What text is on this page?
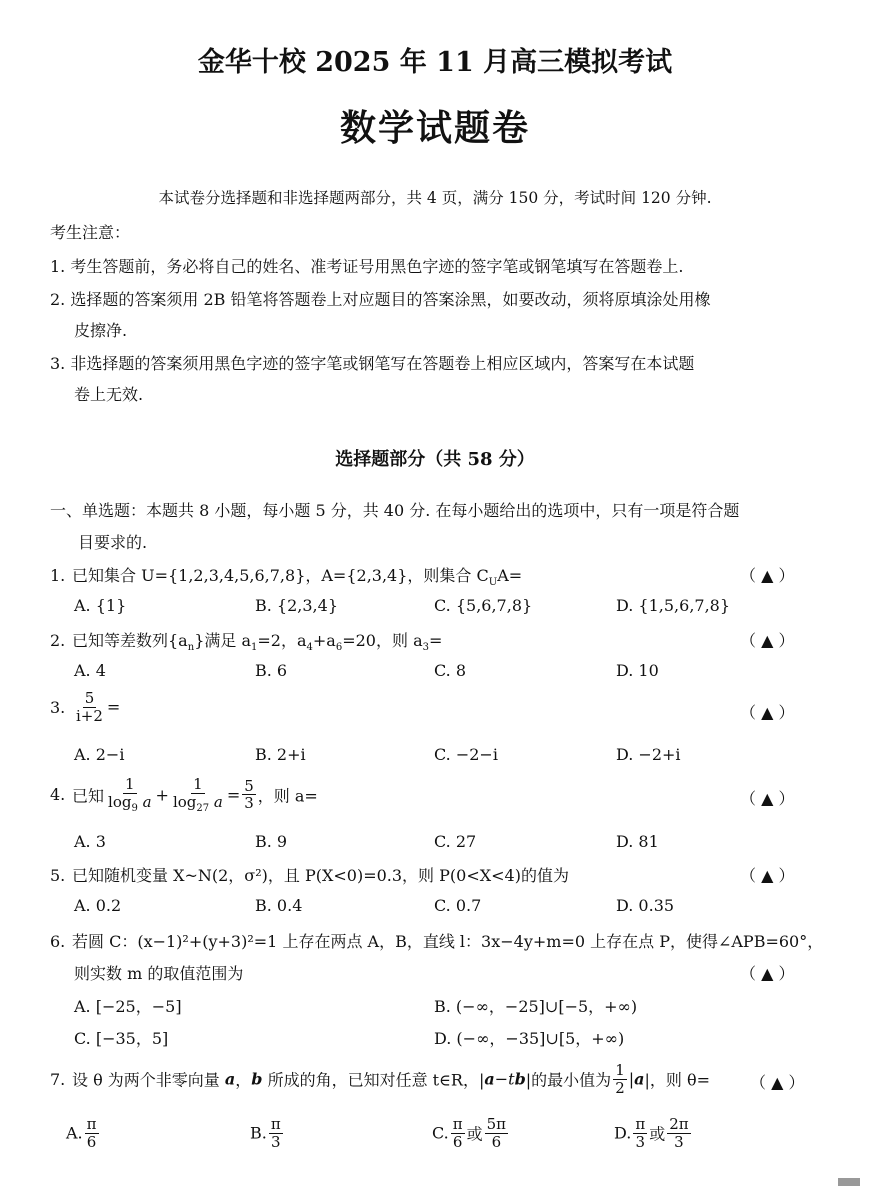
金华十校 2025 年 11 月高三模拟考试
数学试题卷
本试卷分选择题和非选择题两部分，共 4 页，满分 150 分，考试时间 120 分钟.
考生注意：
1. 考生答题前，务必将自己的姓名、准考证号用黑色字迹的签字笔或钢笔填写在答题卷上.
2. 选择题的答案须用 2B 铅笔将答题卷上对应题目的答案涂黑，如要改动，须将原填涂处用橡
皮擦净.
3. 非选择题的答案须用黑色字迹的签字笔或钢笔写在答题卷上相应区域内，答案写在本试题
卷上无效.
选择题部分（共 58 分）
一、单选题：本题共 8 小题，每小题 5 分，共 40 分. 在每小题给出的选项中，只有一项是符合题
目要求的.
1. 已知集合 U={1,2,3,4,5,6,7,8}，A={2,3,4}，则集合 $C_UA=$	（ ▲ ）
A. {1}	B. {2,3,4}	C. {5,6,7,8}	D. {1,5,6,7,8}
2. 已知等差数列$\{a_n\}$满足 $a_1=2$，$a_4+a_6=20$，则 $a_3=$	（ ▲ ）
A. 4	B. 6	C. 8	D. 10
3. $\frac{5}{i+2}$ =	（ ▲ ）
A. 2−i	B. 2+i	C. −2−i	D. −2+i
4. 已知 $\frac{1}{\log_9 a} + \frac{1}{\log_{27} a} = \frac{5}{3}$ ，则 a=	（ ▲ ）
A. 3	B. 9	C. 27	D. 81
5. 已知随机变量 X~N(2，σ²)，且 P(X<0)=0.3，则 P(0<X<4)的值为	（ ▲ ）
A. 0.2	B. 0.4	C. 0.7	D. 0.35
6. 若圆 C：(x−1)²+(y+3)²=1 上存在两点 A，B，直线 l：3x−4y+m=0 上存在点 P，使得∠APB=60°，
则实数 m 的取值范围为	（ ▲ ）
A. [−25，−5]	B. (−∞，−25]∪[−5，+∞)
C. [−35，5]	D. (−∞，−35]∪[5，+∞)
7. 设 θ 为两个非零向量 a，b 所成的角，已知对任意 t∈R，|a−tb|的最小值为 $\frac{1}{2} |a|$，则 θ= （ ▲ ）
A. $\frac{\pi}{6}$	B. $\frac{\pi}{3}$	C. $\frac{\pi}{6}$ 或 $\frac{5\pi}{6}$	D. $\frac{\pi}{3}$ 或 $\frac{2\pi}{3}$
